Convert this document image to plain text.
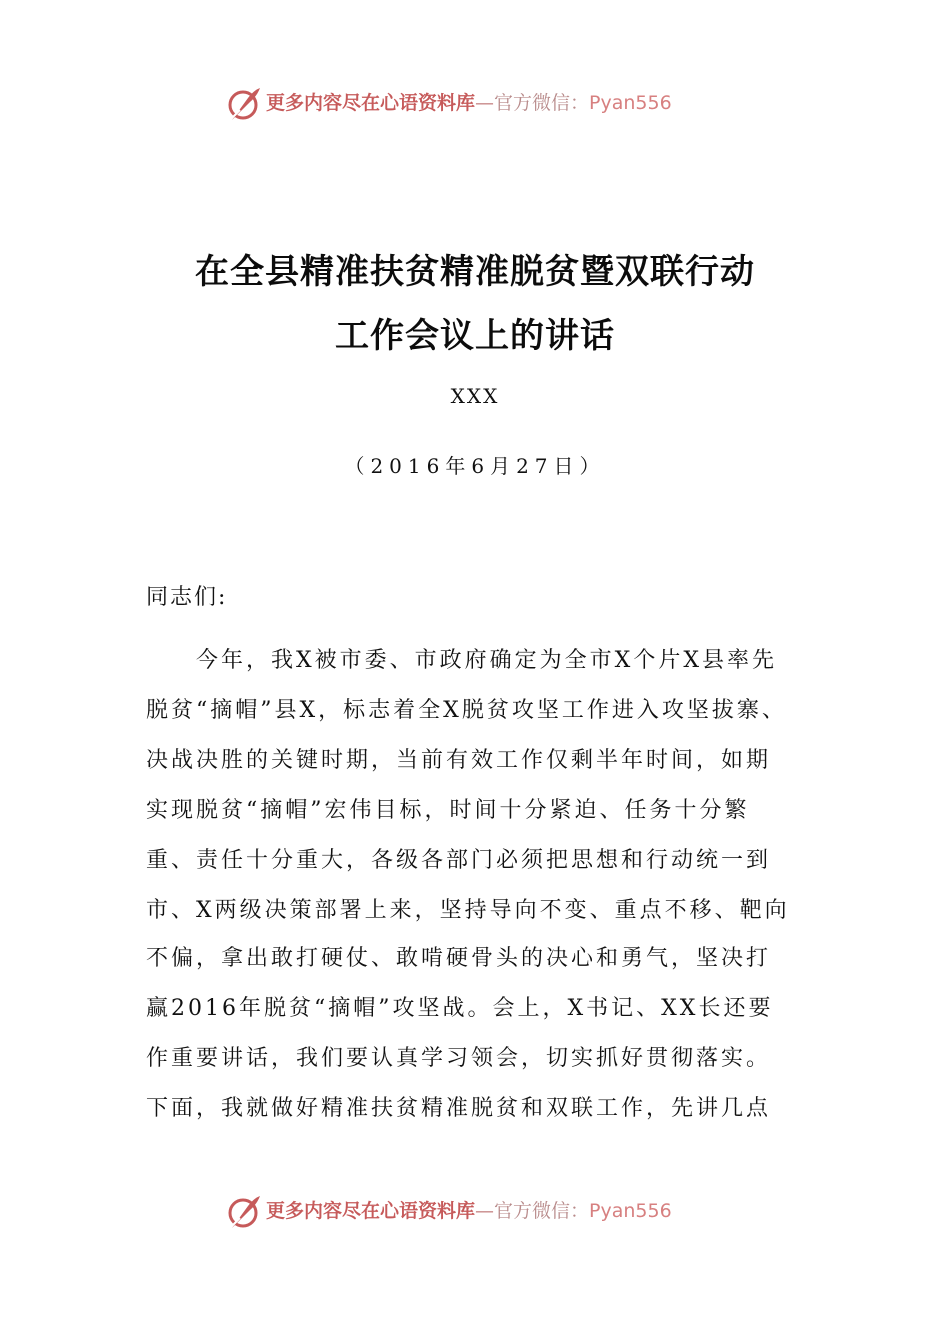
更多内容尽在心语资料库—官方微信：Pyan556
在全县精准扶贫精准脱贫暨双联行动
工作会议上的讲话
XXX
（2016年6月27日）
同志们:
今年，我X被市委、市政府确定为全市X个片X县率先
脱贫“摘帽”县X，标志着全X脱贫攻坚工作进入攻坚拔寨、
决战决胜的关键时期，当前有效工作仅剩半年时间，如期
实现脱贫“摘帽”宏伟目标，时间十分紧迫、任务十分繁
重、责任十分重大，各级各部门必须把思想和行动统一到
市、X两级决策部署上来，坚持导向不变、重点不移、靶向
不偏，拿出敢打硬仗、敢啃硬骨头的决心和勇气，坚决打
赢2016年脱贫“摘帽”攻坚战。会上，X书记、XX长还要
作重要讲话，我们要认真学习领会，切实抓好贯彻落实。
下面，我就做好精准扶贫精准脱贫和双联工作，先讲几点
更多内容尽在心语资料库—官方微信：Pyan556
